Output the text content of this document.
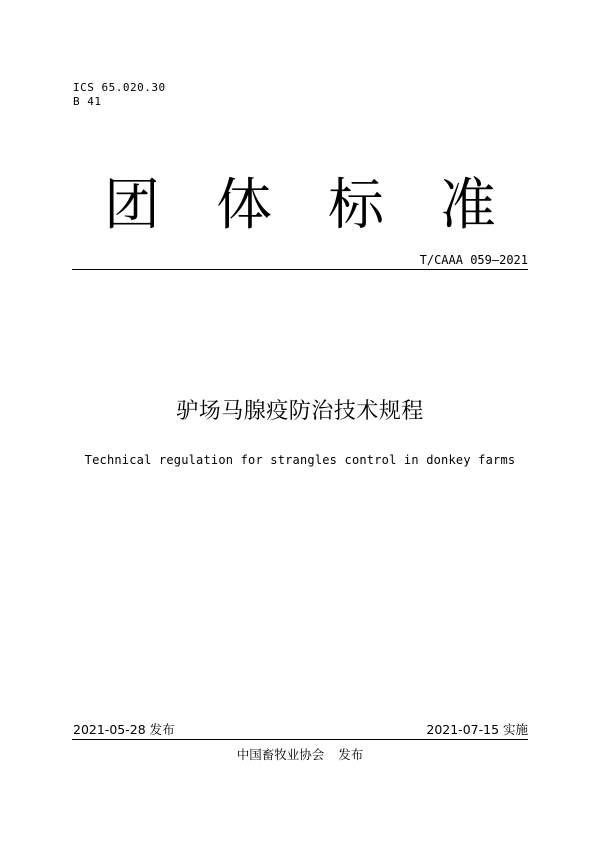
ICS 65.020.30
B 41
团 体 标 准
T/CAAA 059—2021
驴场马腺疫防治技术规程
Technical regulation for strangles control in donkey farms
2021-05-28 发布	2021-07-15 实施
中国畜牧业协会 发布
